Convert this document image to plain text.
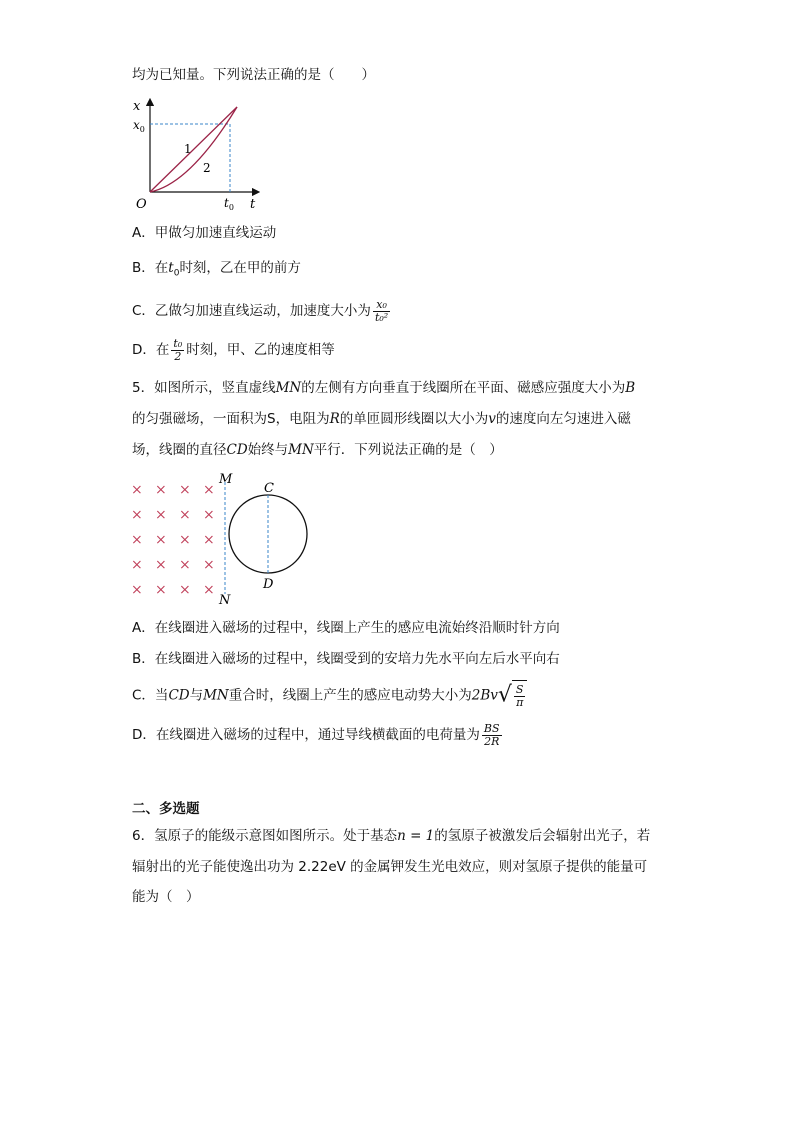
均为已知量。下列说法正确的是（　　）
x
t
O
$x_0$
$t_0$
1
2
A．甲做匀加速直线运动
B．在$t_0$时刻，乙在甲的前方
C．乙做匀加速直线运动，加速度大小为 $\frac{\text{x₀}}{\text{t₀²}}$
D．在 $\frac{\text{t₀}}{2}$ 时刻，甲、乙的速度相等
5．如图所示，竖直虚线MN的左侧有方向垂直于线圈所在平面、磁感应强度大小为B
的匀强磁场，一面积为S，电阻为R的单匝圆形线圈以大小为v的速度向左匀速进入磁
场，线圈的直径CD始终与MN平行．下列说法正确的是（　）
× × × ×
× × × ×
× × × ×
× × × ×
× × × ×
M
N
C
D
A．在线圈进入磁场的过程中，线圈上产生的感应电流始终沿顺时针方向
B．在线圈进入磁场的过程中，线圈受到的安培力先水平向左后水平向右
C．当CD与MN重合时，线圈上产生的感应电动势大小为$2Bv√ \frac{S}{\pi}$
D．在线圈进入磁场的过程中，通过导线横截面的电荷量为 $\frac{BS}{2R}$
二、多选题
6．氢原子的能级示意图如图所示。处于基态n = 1的氢原子被激发后会辐射出光子，若
辐射出的光子能使逸出功为 2.22eV 的金属钾发生光电效应，则对氢原子提供的能量可
能为（　）
